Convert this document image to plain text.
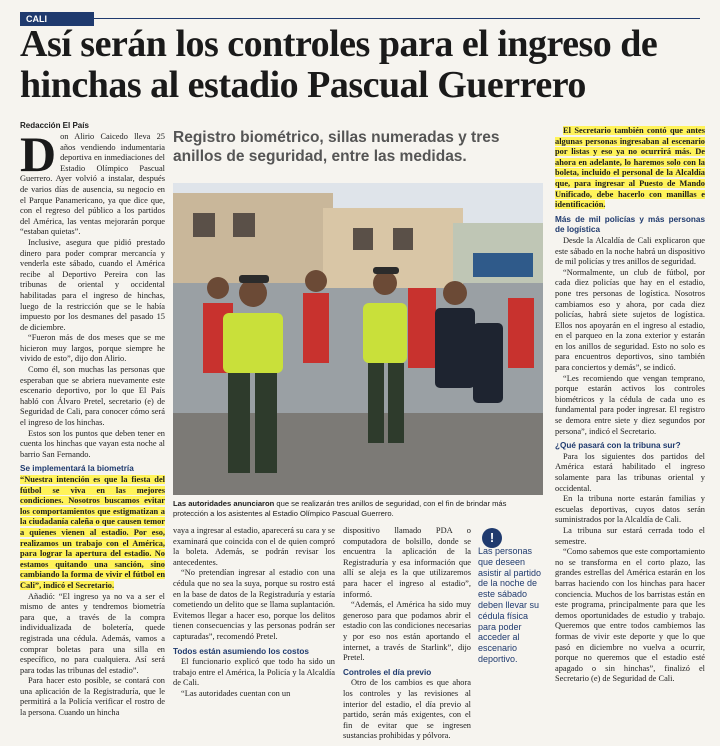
CALI
Así serán los controles para el ingreso de hinchas al estadio Pascual Guerrero
Redacción El País
D on Alirio Caicedo lleva 25 años vendiendo indumentaria deportiva en inmediaciones del Estadio Olímpico Pascual Guerrero. Ayer volvió a instalar, después de varios días de ausencia, su negocio en el Parque Panamericano, ya que dice que, con el regreso del público a los partidos del América, las ventas mejorarán porque “estaban quietas”.

Inclusive, asegura que pidió prestado dinero para poder comprar mercancía y venderla este sábado, cuando el América recibe al Deportivo Pereira con las tribunas de oriental y occidental habilitadas para el ingreso de hinchas, luego de la restricción que se le había impuesto por los desmanes del pasado 15 de diciembre.

“Fueron más de dos meses que se me hicieron muy largos, porque siempre he vivido de esto”, dijo don Alirio.

Como él, son muchas las personas que esperaban que se abriera nuevamente este escenario deportivo, por lo que El País habló con Álvaro Pretel, secretario (e) de Seguridad de Cali, para conocer cómo será el ingreso de los hinchas.

Estos son los puntos que deben tener en cuenta los hinchas que vayan esta noche al barrio San Fernando.

Se implementará la biometría

“Nuestra intención es que la fiesta del fútbol se viva en las mejores condiciones. Nosotros buscamos evitar los comportamientos que estigmatizan a la ciudadanía caleña o que causen temor a quienes vienen al estadio. Por eso, realizamos un trabajo con el América, para lograr la apertura del estadio. No estamos quitando una sanción, sino cambiando la forma de vivir el fútbol en Cali”, indicó el Secretario.

Añadió: “El ingreso ya no va a ser el mismo de antes y tendremos biometría para que, a través de la compra individualizada de boletería, quede registrada una cédula. Además, vamos a comprar boletas para una silla en específico, no para cualquiera. Así será para todas las tribunas del estadio”.

Para hacer esto posible, se contará con una aplicación de la Registraduría, que le permitirá a la Policía verificar el rostro de la persona. Cuando un hincha

Registro biométrico, sillas numeradas y tres anillos de seguridad, entre las medidas.
Las autoridades anunciaron que se realizarán tres anillos de seguridad, con el fin de brindar más protección a los asistentes al Estadio Olímpico Pascual Guerrero.

vaya a ingresar al estadio, aparecerá su cara y se examinará que coincida con el de quien compró la boleta. Además, se podrán revisar los antecedentes.

“No pretendían ingresar al estadio con una cédula que no sea la suya, porque su rostro está en la base de datos de la Registraduría y estaría cometiendo un delito que se llama suplantación. Evitemos llegar a hacer eso, porque los delitos tienen consecuencias y las personas podrán ser capturadas”, recomendó Pretel.

Todos están asumiendo los costos

El funcionario explicó que todo ha sido un trabajo entre el América, la Policía y la Alcaldía de Cali.

“Las autoridades cuentan con un

dispositivo llamado PDA o computadora de bolsillo, donde se encuentra la aplicación de la Registraduría y esa información que allí se aleja es la que utilizaremos para hacer el ingreso al estadio”, informó.

“Además, el América ha sido muy generoso para que podamos abrir el estadio con las condiciones necesarias y por eso nos están aportando el internet, a través de Starlink”, dijo Pretel.

Controles el día previo

Otro de los cambios es que ahora los controles y las revisiones al interior del estadio, el día previo al partido, serán más exigentes, con el fin de evitar que se ingresen sustancias prohibidas y pólvora.

!
Las personas que deseen asistir al partido de la noche de este sábado deben llevar su cédula física para poder acceder al escenario deportivo.

El Secretario también contó que antes algunas personas ingresaban al escenario por listas y eso ya no ocurrirá más. De ahora en adelante, lo haremos solo con la boleta, incluido el personal de la Alcaldía que, para ingresar al Puesto de Mando Unificado, debe hacerlo con manillas e identificación.

Más de mil policías y más personas de logística

Desde la Alcaldía de Cali explicaron que este sábado en la noche habrá un dispositivo de mil policías y tres anillos de seguridad.

“Normalmente, un club de fútbol, por cada diez policías que hay en el estadio, pone tres personas de logística. Nosotros cambiamos eso y ahora, por cada diez policías, habrá siete sujetos de logística. Ellos nos apoyarán en el ingreso al estadio, en el parqueo en la zona exterior y estarán en los anillos de seguridad. Esto no solo es para encuentros deportivos, sino también para conciertos y demás”, se indicó.

“Les recomiendo que vengan temprano, porque estarán activos los controles biométricos y la cédula de cada uno es fundamental para poder ingresar. El registro se demora entre siete y diez segundos por persona”, indicó el Secretario.

¿Qué pasará con la tribuna sur?

Para los siguientes dos partidos del América estará habilitado el ingreso solamente para las tribunas oriental y occidental.

En la tribuna norte estarán familias y escuelas deportivas, cuyos datos serán suministrados por la Alcaldía de Cali.

La tribuna sur estará cerrada todo el semestre.

“Como sabemos que este comportamiento no se transforma en el corto plazo, las grandes estrellas del América estarán en los barras haciendo con los hinchas para hacer conciencia. Muchos de los barristas están en este programa, principalmente para que les demos oportunidades de estudio y trabajo. Queremos que entre todos cambiemos las formas de vivir este deporte y que lo que pasó en diciembre no vuelva a ocurrir, porque no queremos que el estadio esté apagado o sin hinchas”, finalizó el Secretario (e) de Seguridad de Cali.
